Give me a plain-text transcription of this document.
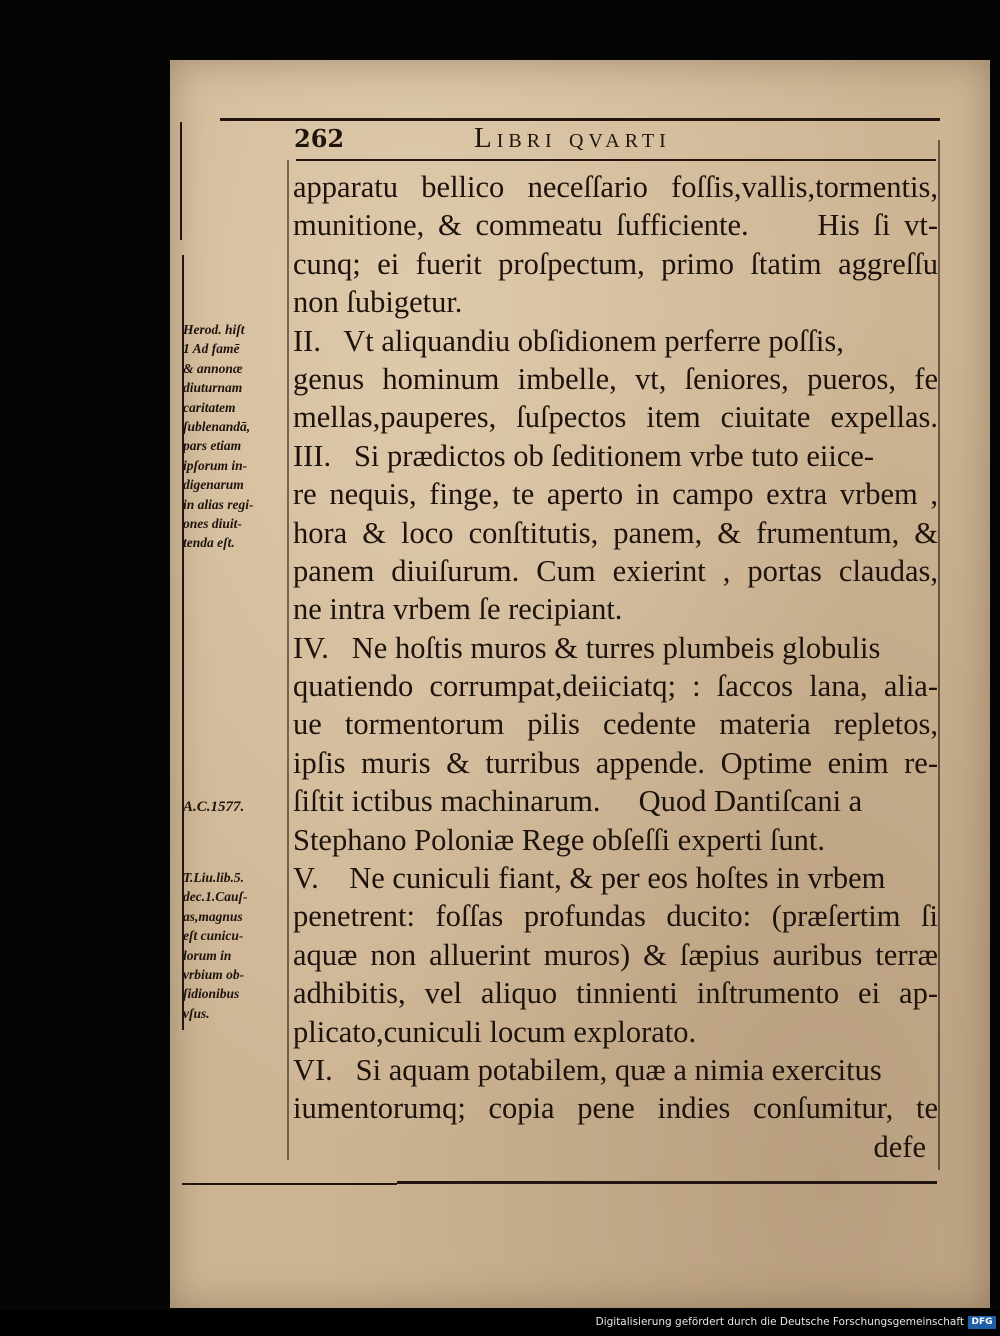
262	Libri qvarti
apparatu bellico neceſſario foſſis,vallis,tormentis,
munitione, & commeatu ſufficiente.     His ſi vt-
cunq; ei fuerit proſpectum, primo ſtatim aggreſſu
non ſubigetur.
II.   Vt aliquandiu obſidionem perferre poſſis,
genus hominum imbelle, vt, ſeniores, pueros, fe
mellas,pauperes, ſuſpectos item ciuitate expellas.
III.   Si prædictos ob ſeditionem vrbe tuto eiice-
re nequis, finge, te aperto in campo extra vrbem ,
hora & loco conſtitutis, panem, & frumentum, &
panem diuiſurum. Cum exierint , portas claudas,
ne intra vrbem ſe recipiant.
IV.   Ne hoſtis muros & turres plumbeis globulis
quatiendo corrumpat,deiiciatq; : ſaccos lana, alia-
ue tormentorum pilis cedente materia repletos,
ipſis muris & turribus appende. Optime enim re-
ſiſtit ictibus machinarum.     Quod Dantiſcani a
Stephano Poloniæ Rege obſeſſi experti ſunt.
V.    Ne cuniculi fiant, & per eos hoſtes in vrbem
penetrent: foſſas profundas ducito: (præſertim ſi
aquæ non alluerint muros) & ſæpius auribus terræ
adhibitis, vel aliquo tinnienti inſtrumento ei ap-
plicato,cuniculi locum explorato.
VI.   Si aquam potabilem, quæ a nimia exercitus
iumentorumq; copia pene indies conſumitur, te
defe
Herod. hiſt
1 Ad famē
& annonæ
diuturnam
caritatem
ſublenandā,
pars etiam
ipſorum in-
digenarum
in alias regi-
ones diuit-
tenda eſt.
A.C.1577.
T.Liu.lib.5.
dec.1.Cauſ-
as,magnus
eſt cunicu-
lorum in
vrbium ob-
ſidionibus
vſus.
Digitalisierung gefördert durch die Deutsche Forschungsgemeinschaft DFG
